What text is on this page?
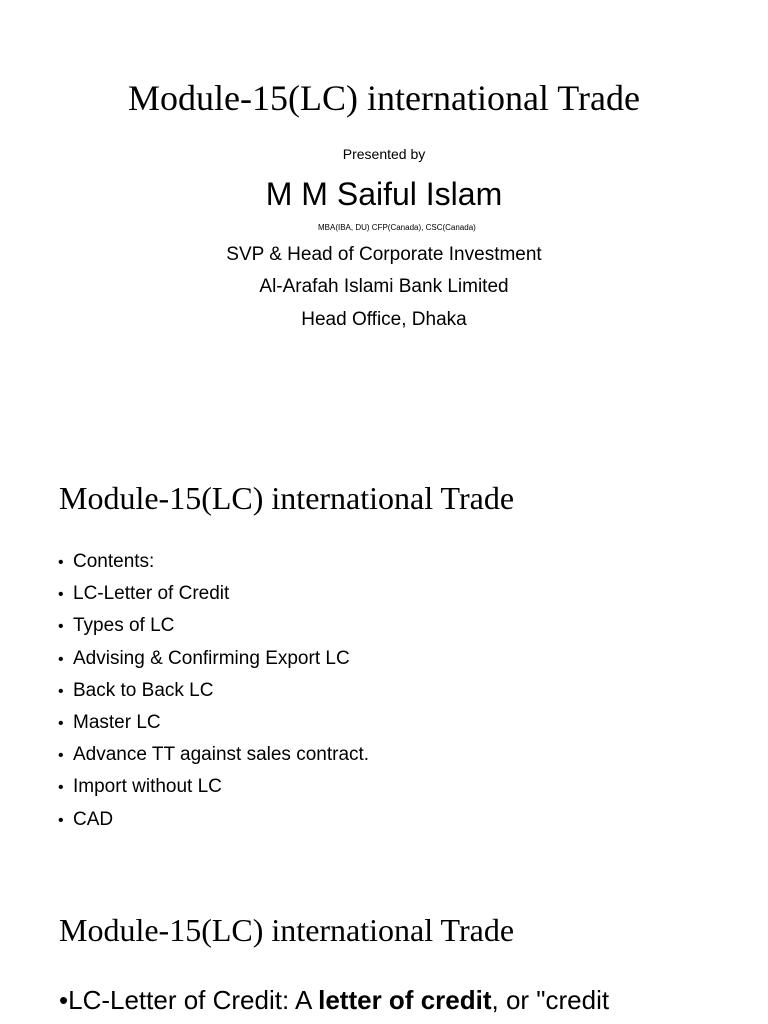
Module-15(LC) international Trade
Presented by
M M Saiful Islam
MBA(IBA, DU) CFP(Canada), CSC(Canada)
SVP & Head of Corporate Investment
Al-Arafah Islami Bank Limited
Head Office, Dhaka
Module-15(LC) international Trade
• Contents:
• LC-Letter of Credit
• Types of LC
• Advising & Confirming Export LC
• Back to Back LC
• Master LC
• Advance TT against sales contract.
• Import without LC
• CAD
Module-15(LC) international Trade
•LC-Letter of Credit: A letter of credit, or "credit
